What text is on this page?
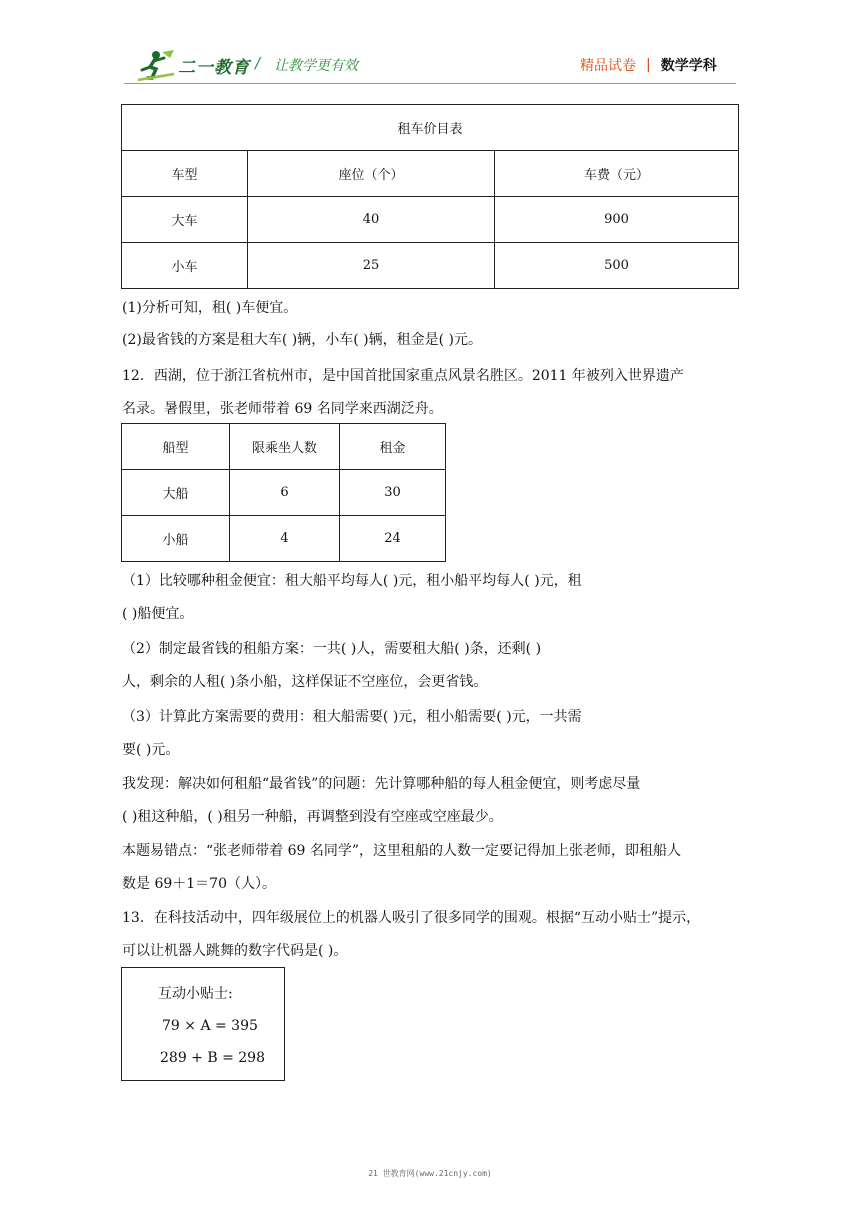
二一教育 / 让教学更有效	精品试卷 | 数学学科
租车价目表		
车型	座位（个）	车费（元）
大车	40	900
小车	25	500
(1)分析可知，租( )车便宜。
(2)最省钱的方案是租大车( )辆，小车( )辆，租金是( )元。
12．西湖，位于浙江省杭州市，是中国首批国家重点风景名胜区。2011 年被列入世界遗产
名录。暑假里，张老师带着 69 名同学来西湖泛舟。
船型	限乘坐人数	租金
大船	6	30
小船	4	24
（1）比较哪种租金便宜：租大船平均每人( )元，租小船平均每人( )元，租
( )船便宜。
（2）制定最省钱的租船方案：一共( )人，需要租大船( )条，还剩( )
人，剩余的人租( )条小船，这样保证不空座位，会更省钱。
（3）计算此方案需要的费用：租大船需要( )元，租小船需要( )元，一共需
要( )元。
我发现：解决如何租船“最省钱”的问题：先计算哪种船的每人租金便宜，则考虑尽量
( )租这种船，( )租另一种船，再调整到没有空座或空座最少。
本题易错点：“张老师带着 69 名同学”，这里租船的人数一定要记得加上张老师，即租船人
数是 69＋1＝70（人）。
13．在科技活动中，四年级展位上的机器人吸引了很多同学的围观。根据“互动小贴士”提示，
可以让机器人跳舞的数字代码是( )。
互动小贴士:
79 × A = 395
289 + B = 298
21 世教育网(www.21cnjy.com)
